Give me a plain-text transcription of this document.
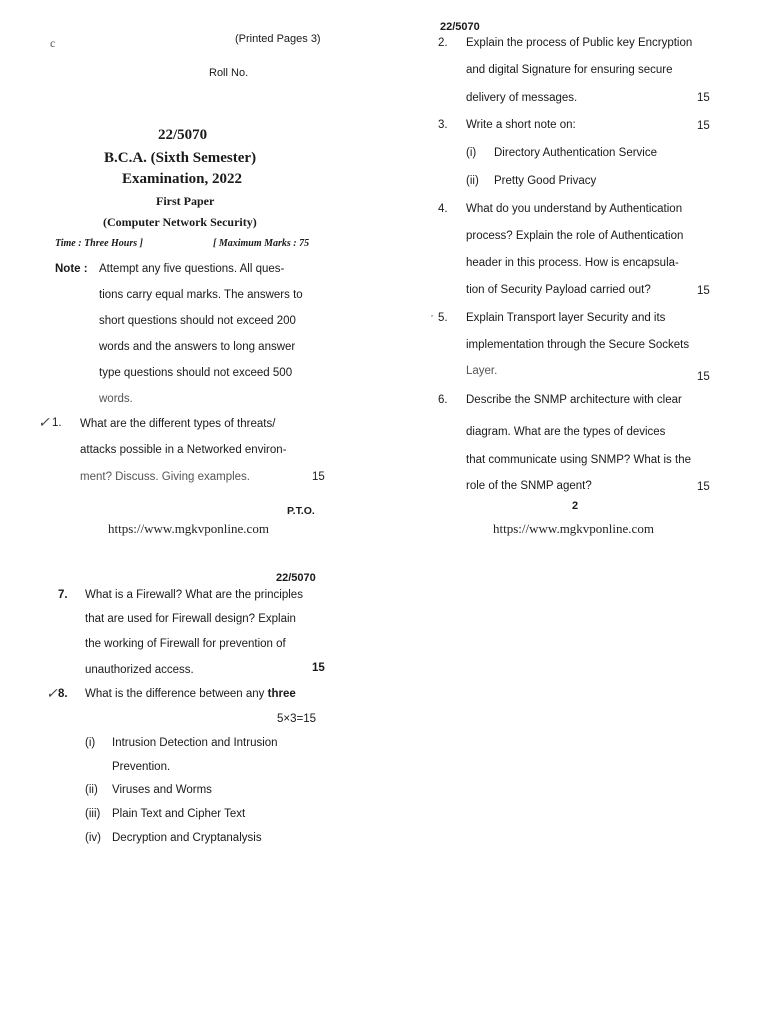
c	(Printed Pages 3)
Roll No.
22/5070
B.C.A. (Sixth Semester)
Examination, 2022
First Paper
(Computer Network Security)
Time : Three Hours ]	[ Maximum Marks : 75
Note : Attempt any five questions. All ques-
tions carry equal marks. The answers to
short questions should not exceed 200
words and the answers to long answer
type questions should not exceed 500
words.
✓ 1. What are the different types of threats/
attacks possible in a Networked environ-
ment? Discuss. Giving examples.	15
P.T.O.
https://www.mgkvponline.com
22/5070
2. Explain the process of Public key Encryption
and digital Signature for ensuring secure
delivery of messages.	15
3. Write a short note on:	15
(i) Directory Authentication Service
(ii) Pretty Good Privacy
4. What do you understand by Authentication
process? Explain the role of Authentication
header in this process. How is encapsula-
tion of Security Payload carried out?	15
· 5. Explain Transport layer Security and its
implementation through the Secure Sockets
Layer.	15
6. Describe the SNMP architecture with clear
diagram. What are the types of devices
that communicate using SNMP? What is the
role of the SNMP agent?	15
2
https://www.mgkvponline.com
22/5070
7. What is a Firewall? What are the principles
that are used for Firewall design? Explain
the working of Firewall for prevention of
unauthorized access.	15
✓ 8. What is the difference between any three
5×3=15
(i) Intrusion Detection and Intrusion
Prevention.
(ii) Viruses and Worms
(iii) Plain Text and Cipher Text
(iv) Decryption and Cryptanalysis
